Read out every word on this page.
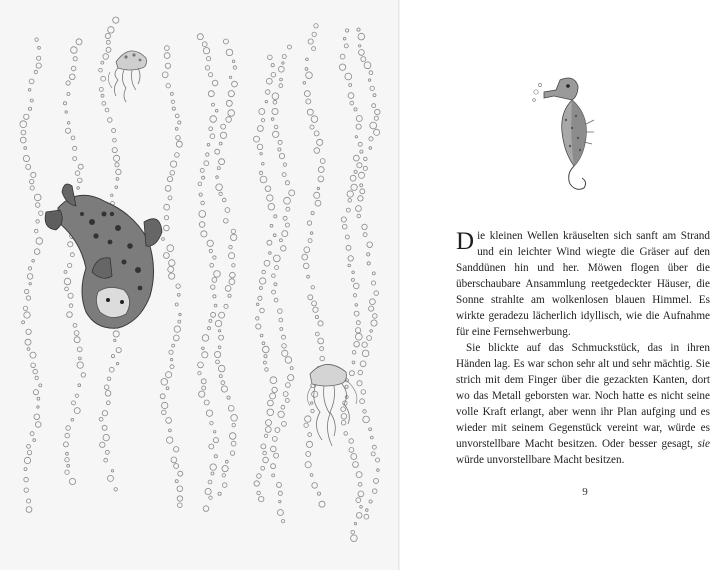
Die kleinen Wellen kräuselten sich sanft am Strand und ein leichter Wind wiegte die Gräser auf den Sanddünen hin und her. Möwen flogen über die überschaubare Ansammlung reetgedeckter Häuser, die Sonne strahlte am wolkenlosen blauen Himmel. Es wirkte geradezu lächerlich idyllisch, wie die Aufnahme für eine Fernsehwerbung.

Sie blickte auf das Schmuckstück, das in ihren Händen lag. Es war schon sehr alt und sehr mächtig. Sie strich mit dem Finger über die gezackten Kanten, dort wo das Metall geborsten war. Noch hatte es nicht seine volle Kraft erlangt, aber wenn ihr Plan aufging und es wieder mit seinem Gegenstück vereint war, würde es unvorstellbare Macht besitzen. Oder besser gesagt, sie würde unvorstellbare Macht besitzen.

9
